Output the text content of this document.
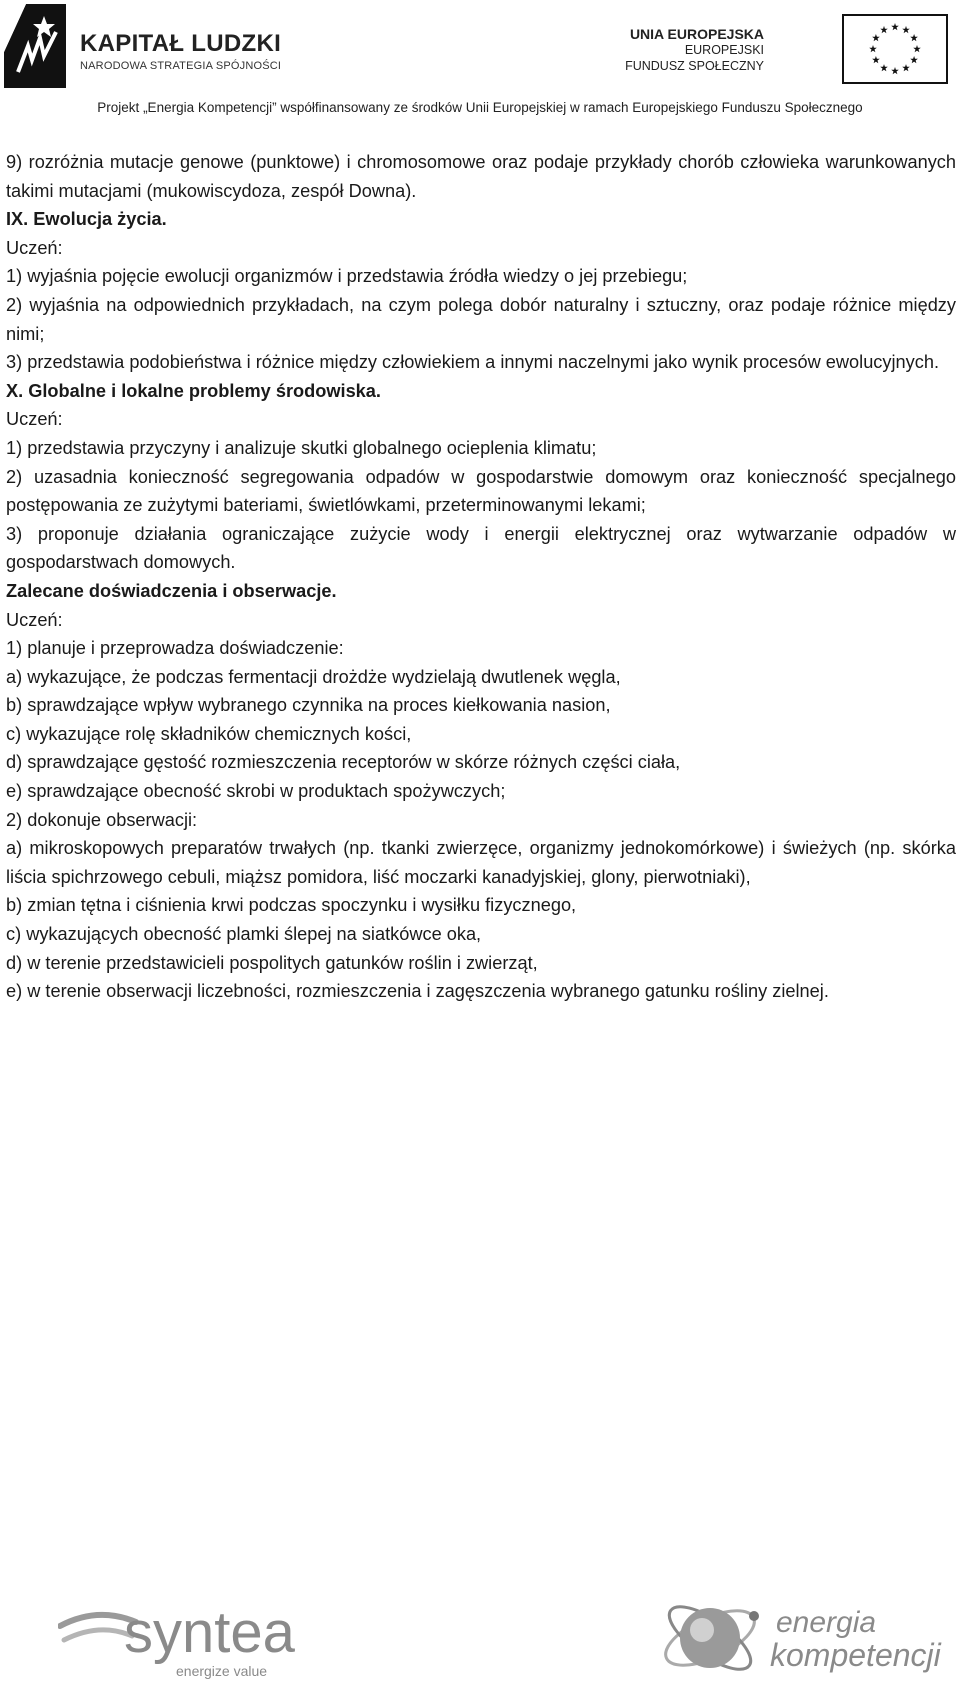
KAPITAŁ LUDZKI
NARODOWA STRATEGIA SPÓJNOŚCI
UNIA EUROPEJSKA
EUROPEJSKI
FUNDUSZ SPOŁECZNY
Projekt „Energia Kompetencji” współfinansowany ze środków Unii Europejskiej w ramach Europejskiego Funduszu Społecznego
9) rozróżnia mutacje genowe (punktowe) i chromosomowe oraz podaje przykłady chorób człowieka warunkowanych takimi mutacjami (mukowiscydoza, zespół Downa).
IX. Ewolucja życia.
Uczeń:
1) wyjaśnia pojęcie ewolucji organizmów i przedstawia źródła wiedzy o jej przebiegu;
2) wyjaśnia na odpowiednich przykładach, na czym polega dobór naturalny i sztuczny, oraz podaje różnice między nimi;
3) przedstawia podobieństwa i różnice między człowiekiem a innymi naczelnymi jako wynik procesów ewolucyjnych.
X. Globalne i lokalne problemy środowiska.
Uczeń:
1) przedstawia przyczyny i analizuje skutki globalnego ocieplenia klimatu;
2) uzasadnia konieczność segregowania odpadów w gospodarstwie domowym oraz konieczność specjalnego postępowania ze zużytymi bateriami, świetlówkami, przeterminowanymi lekami;
3) proponuje działania ograniczające zużycie wody i energii elektrycznej oraz wytwarzanie odpadów w gospodarstwach domowych.
Zalecane doświadczenia i obserwacje.
Uczeń:
1) planuje i przeprowadza doświadczenie:
a) wykazujące, że podczas fermentacji drożdże wydzielają dwutlenek węgla,
b) sprawdzające wpływ wybranego czynnika na proces kiełkowania nasion,
c) wykazujące rolę składników chemicznych kości,
d) sprawdzające gęstość rozmieszczenia receptorów w skórze różnych części ciała,
e) sprawdzające obecność skrobi w produktach spożywczych;
2) dokonuje obserwacji:
a) mikroskopowych preparatów trwałych (np. tkanki zwierzęce, organizmy jednokomórkowe) i świeżych (np. skórka liścia spichrzowego cebuli, miąższ pomidora, liść moczarki kanadyjskiej, glony, pierwotniaki),
b) zmian tętna i ciśnienia krwi podczas spoczynku i wysiłku fizycznego,
c) wykazujących obecność plamki ślepej na siatkówce oka,
d) w terenie przedstawicieli pospolitych gatunków roślin i zwierząt,
e) w terenie obserwacji liczebności, rozmieszczenia i zagęszczenia wybranego gatunku rośliny zielnej.
syntea
energize value
energia
kompetencji
